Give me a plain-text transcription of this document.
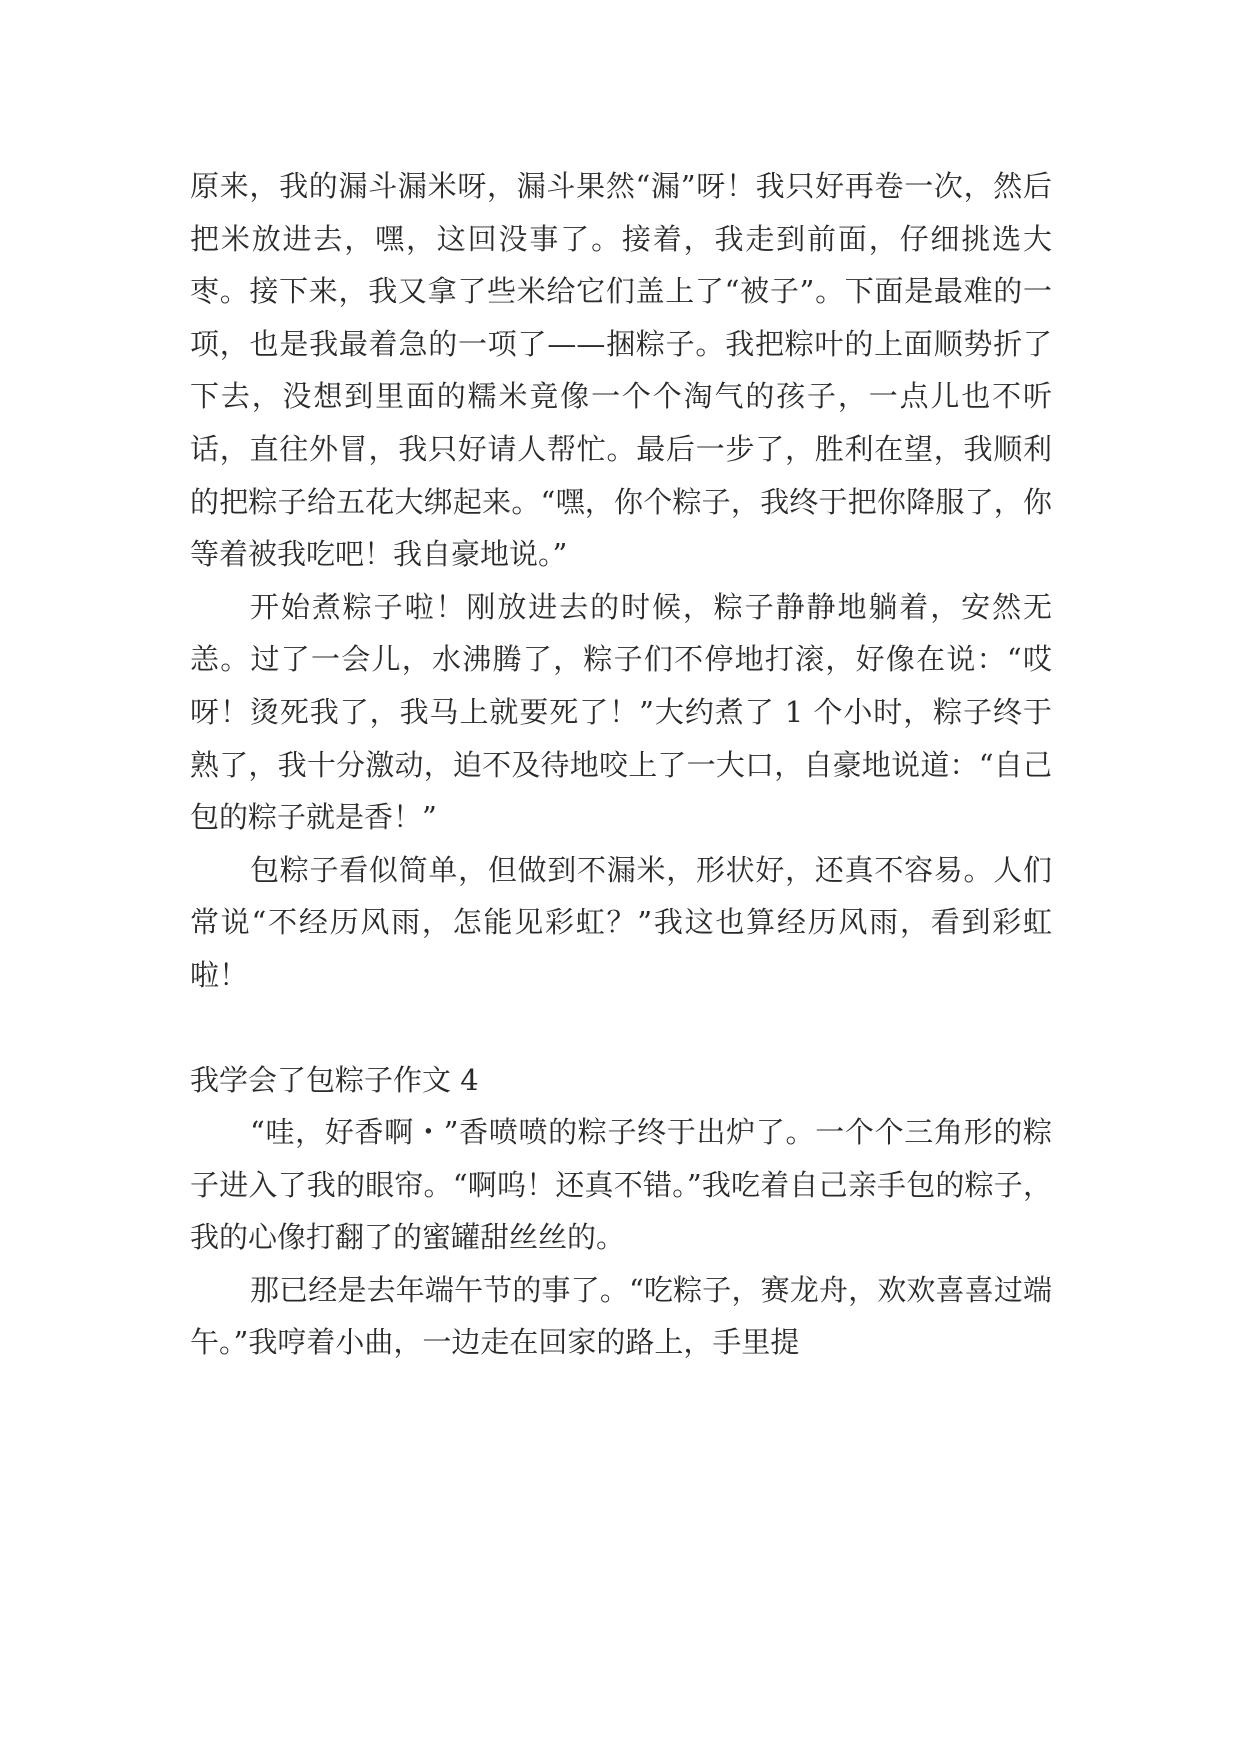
原来，我的漏斗漏米呀，漏斗果然“漏”呀！我只好再卷一次，然后把米放进去，嘿，这回没事了。接着，我走到前面，仔细挑选大枣。接下来，我又拿了些米给它们盖上了“被子”。下面是最难的一项，也是我最着急的一项了——捆粽子。我把粽叶的上面顺势折了下去，没想到里面的糯米竟像一个个淘气的孩子，一点儿也不听话，直往外冒，我只好请人帮忙。最后一步了，胜利在望，我顺利的把粽子给五花大绑起来。“嘿，你个粽子，我终于把你降服了，你等着被我吃吧！我自豪地说。”

开始煮粽子啦！刚放进去的时候，粽子静静地躺着，安然无恙。过了一会儿，水沸腾了，粽子们不停地打滚，好像在说：“哎呀！烫死我了，我马上就要死了！”大约煮了 1 个小时，粽子终于熟了，我十分激动，迫不及待地咬上了一大口，自豪地说道：“自己包的粽子就是香！”

包粽子看似简单，但做到不漏米，形状好，还真不容易。人们常说“不经历风雨，怎能见彩虹？”我这也算经历风雨，看到彩虹啦！

我学会了包粽子作文 4

“哇，好香啊・”香喷喷的粽子终于出炉了。一个个三角形的粽子进入了我的眼帘。“啊呜！还真不错。”我吃着自己亲手包的粽子，我的心像打翻了的蜜罐甜丝丝的。

那已经是去年端午节的事了。“吃粽子，赛龙舟，欢欢喜喜过端午。”我哼着小曲，一边走在回家的路上，手里提
